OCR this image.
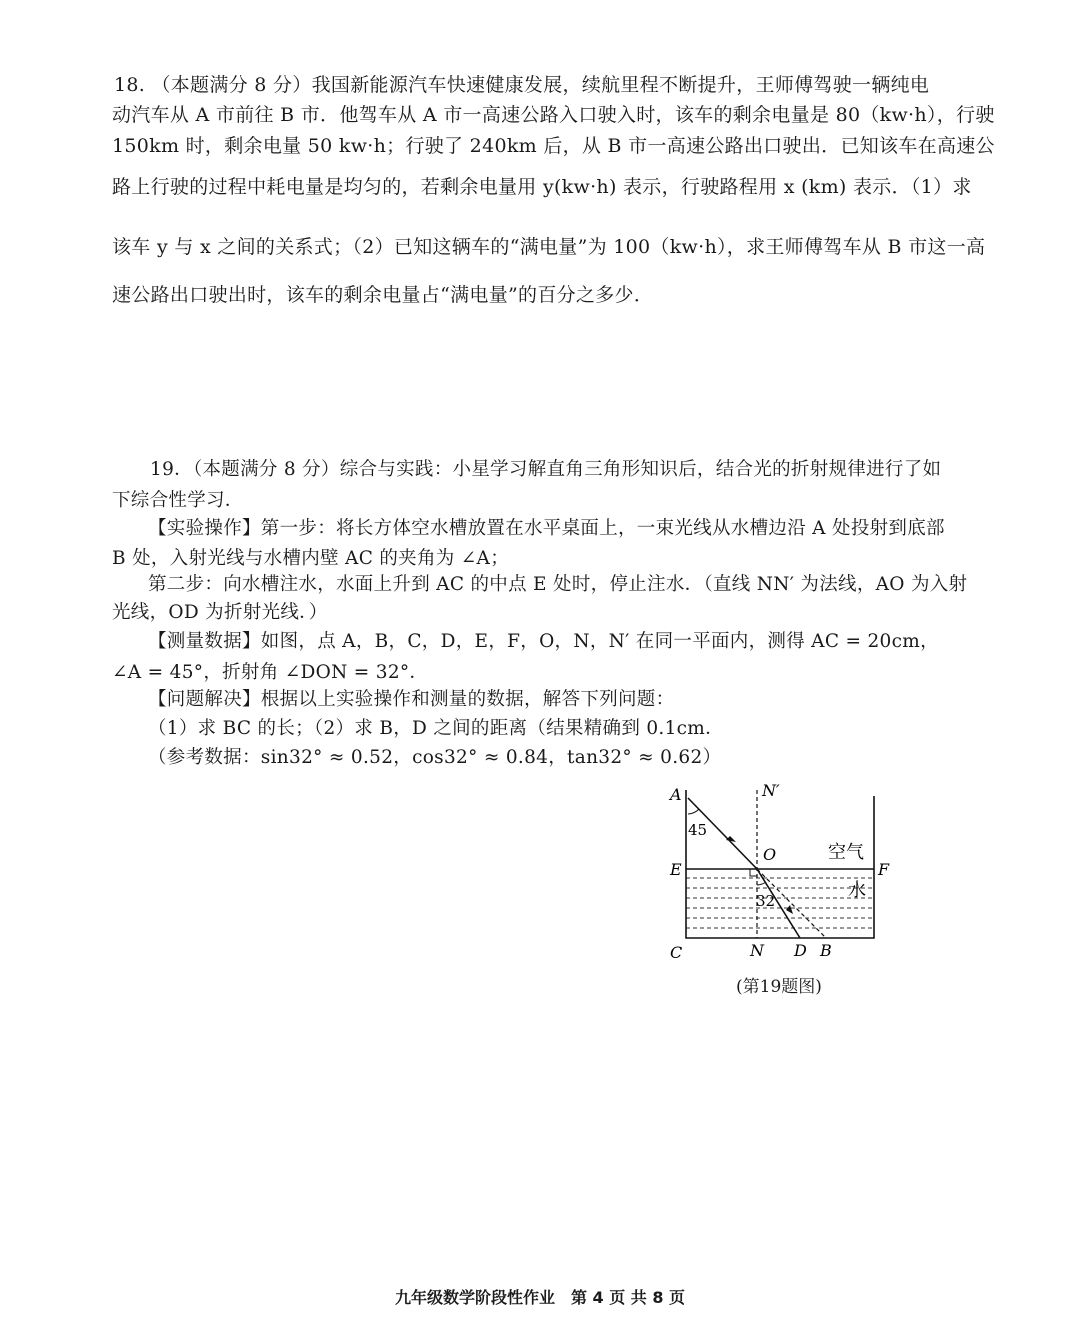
18. （本题满分 8 分）我国新能源汽车快速健康发展，续航里程不断提升，王师傅驾驶一辆纯电
动汽车从 A 市前往 B 市．他驾车从 A 市一高速公路入口驶入时，该车的剩余电量是 80（kw·h），行驶
150km 时，剩余电量 50 kw·h；行驶了 240km 后，从 B 市一高速公路出口驶出．已知该车在高速公
路上行驶的过程中耗电量是均匀的，若剩余电量用 y(kw·h) 表示，行驶路程用 x (km) 表示．（1）求
该车 y 与 x 之间的关系式；（2）已知这辆车的“满电量”为 100（kw·h），求王师傅驾车从 B 市这一高
速公路出口驶出时，该车的剩余电量占“满电量”的百分之多少．
19．（本题满分 8 分）综合与实践：小星学习解直角三角形知识后，结合光的折射规律进行了如
下综合性学习．
【实验操作】第一步：将长方体空水槽放置在水平桌面上，一束光线从水槽边沿 A 处投射到底部
B 处，入射光线与水槽内壁 AC 的夹角为 ∠A；
第二步：向水槽注水，水面上升到 AC 的中点 E 处时，停止注水．（直线 NN′ 为法线，AO 为入射
光线，OD 为折射光线．）
【测量数据】如图，点 A，B，C，D，E，F，O，N，N′ 在同一平面内，测得 AC = 20cm，
∠A = 45°，折射角 ∠DON = 32°．
【问题解决】根据以上实验操作和测量的数据，解答下列问题：
（1）求 BC 的长；（2）求 B，D 之间的距离（结果精确到 0.1cm．
（参考数据：sin32° ≈ 0.52，cos32° ≈ 0.84，tan32° ≈ 0.62）
A	N′
45
O	空气
E	F
水
32
C	N D B
(第19题图)
九年级数学阶段性作业　第 4 页 共 8 页
